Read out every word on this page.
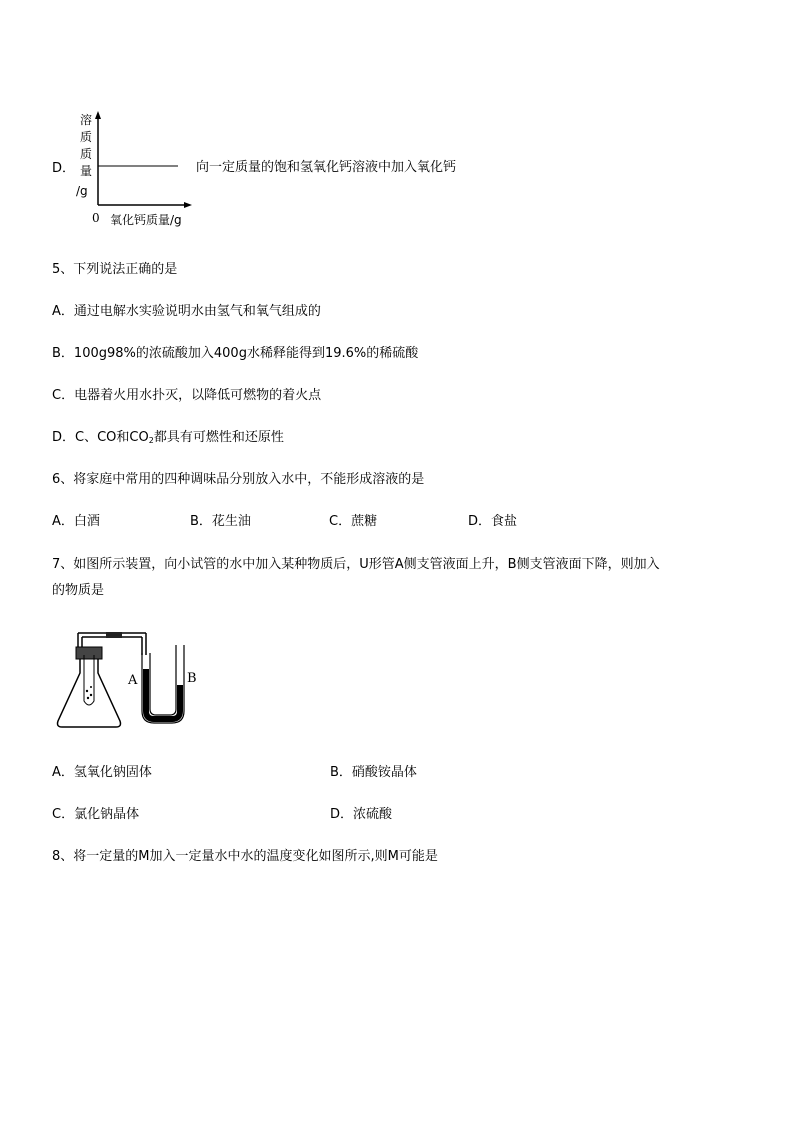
溶
质
质
量
/g
D．
0 氧化钙质量/g
向一定质量的饱和氢氧化钙溶液中加入氧化钙
5、下列说法正确的是
A．通过电解水实验说明水由氢气和氧气组成的
B．100g98%的浓硫酸加入400g水稀释能得到19.6%的稀硫酸
C．电器着火用水扑灭，以降低可燃物的着火点
D．C、CO和$CO_2$都具有可燃性和还原性
6、将家庭中常用的四种调味品分别放入水中，不能形成溶液的是
A．白酒	B．花生油	C．蔗糖	D．食盐
7、如图所示装置，向小试管的水中加入某种物质后，U形管A侧支管液面上升，B侧支管液面下降，则加入
的物质是
A	B
A．氢氧化钠固体	B．硝酸铵晶体
C．氯化钠晶体	D．浓硫酸
8、将一定量的M加入一定量水中水的温度变化如图所示,则M可能是
